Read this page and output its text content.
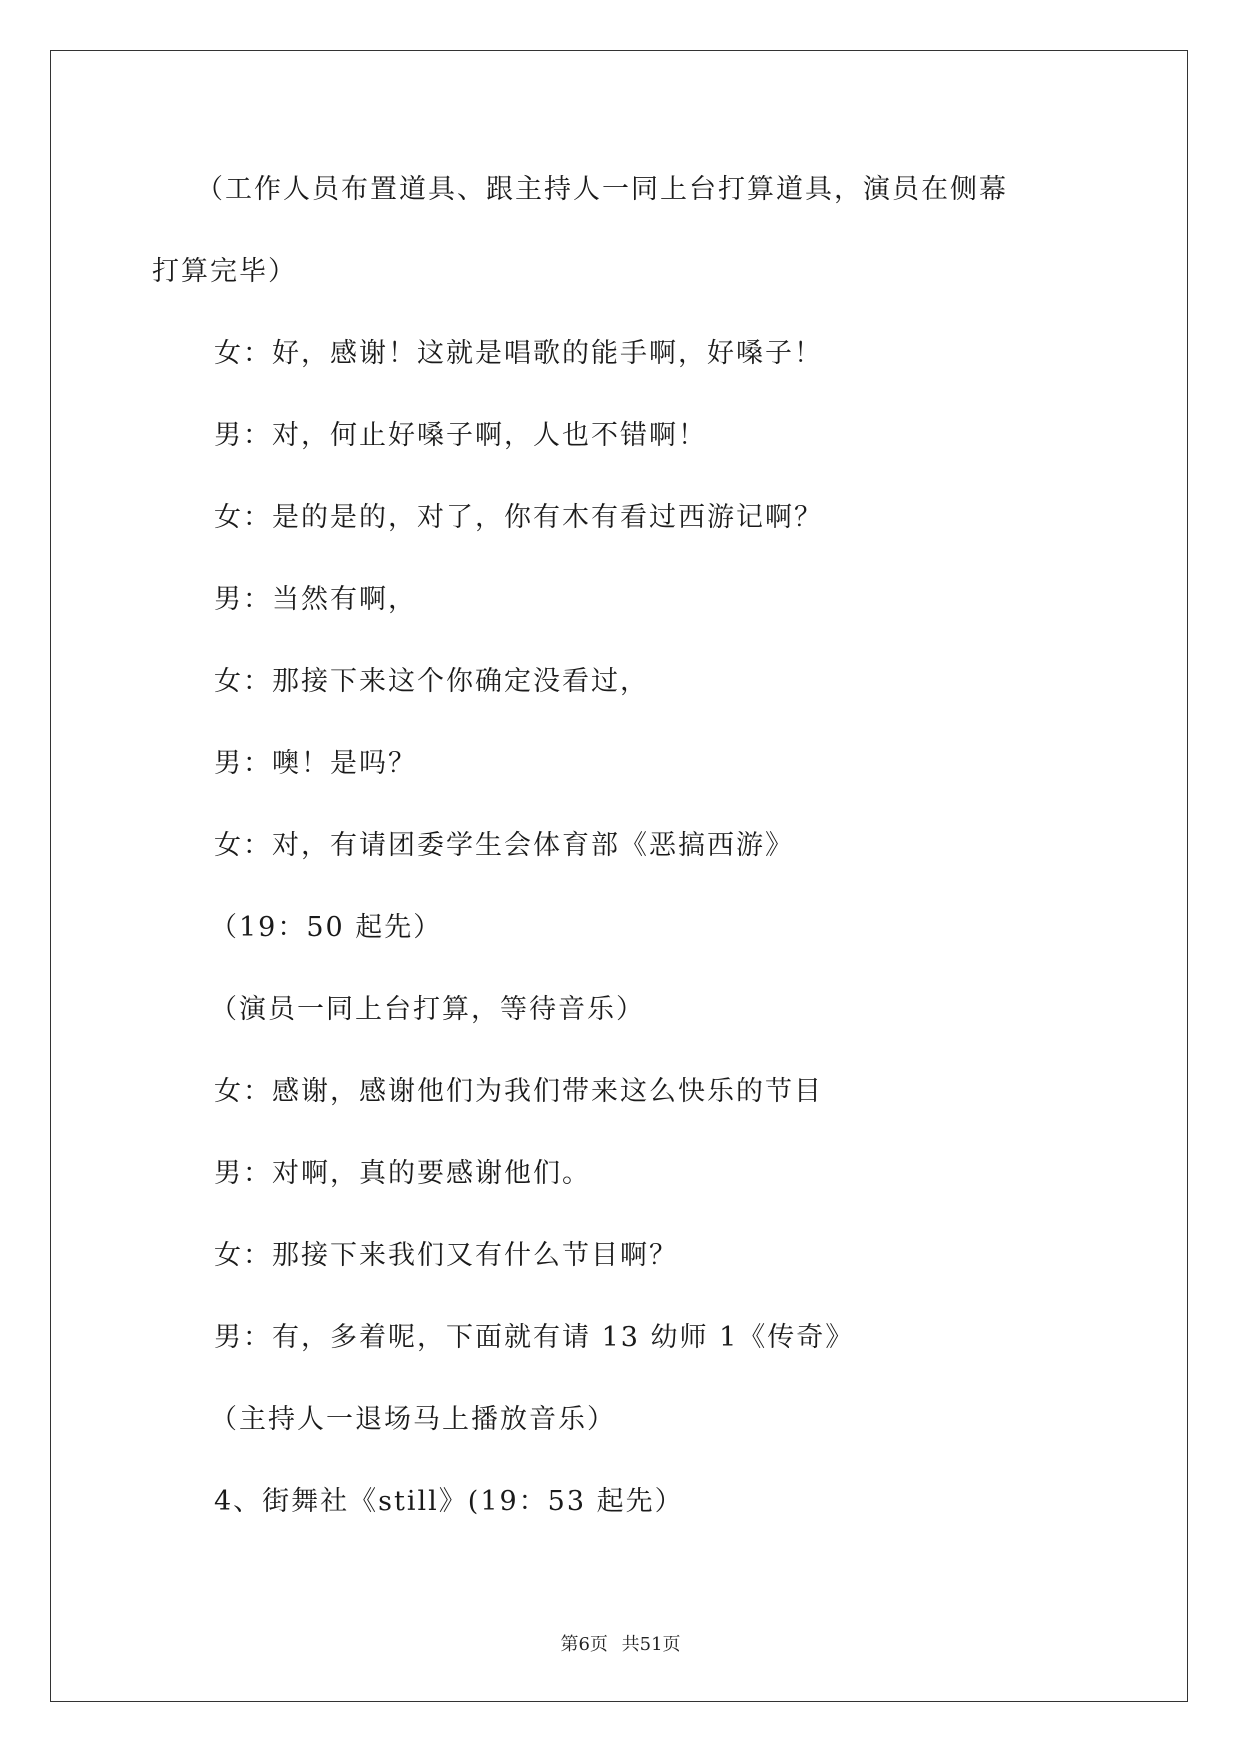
（工作人员布置道具、跟主持人一同上台打算道具，演员在侧幕
打算完毕）
女：好，感谢！这就是唱歌的能手啊，好嗓子！
男：对，何止好嗓子啊，人也不错啊！
女：是的是的，对了，你有木有看过西游记啊？
男：当然有啊，
女：那接下来这个你确定没看过，
男：噢！是吗？
女：对，有请团委学生会体育部《恶搞西游》
（19：50 起先）
（演员一同上台打算，等待音乐）
女：感谢，感谢他们为我们带来这么快乐的节目
男：对啊，真的要感谢他们。
女：那接下来我们又有什么节目啊？
男：有，多着呢，下面就有请 13 幼师 1《传奇》
（主持人一退场马上播放音乐）
4、街舞社《still》(19：53 起先）
第6页 共51页
